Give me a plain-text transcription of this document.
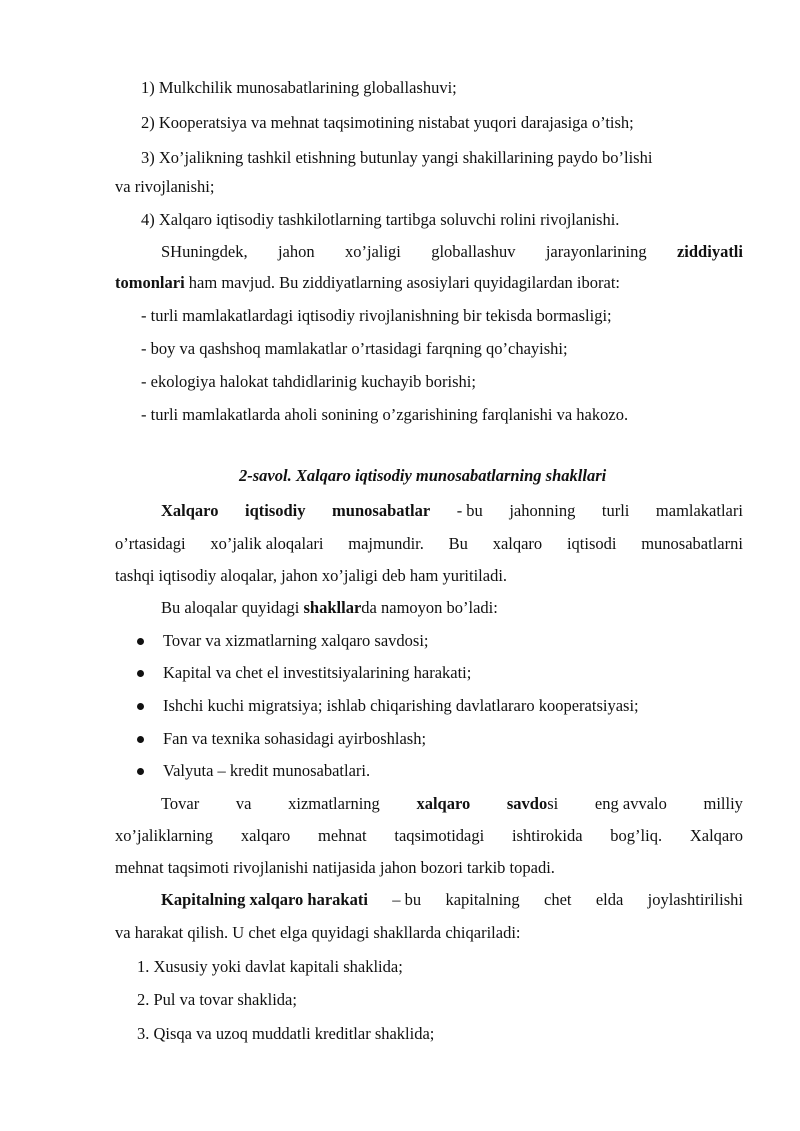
1) Mulkchilik munosabatlarining globallashuvi;
2) Kooperatsiya va mehnat taqsimotining nistabat yuqori darajasiga o’tish;
3) Xo’jalikning tashkil etishning butunlay yangi shakillarining paydo bo’lishi
va rivojlanishi;
4) Xalqaro iqtisodiy tashkilotlarning tartibga soluvchi rolini rivojlanishi.
SHuningdek, jahon xo’jaligi globallashuv jarayonlarining ziddiyatli
tomonlari ham mavjud. Bu ziddiyatlarning asosiylari quyidagilardan iborat:
- turli mamlakatlardagi iqtisodiy rivojlanishning bir tekisda bormasligi;
- boy va qashshoq mamlakatlar o’rtasidagi farqning qo’chayishi;
- ekologiya halokat tahdidlarinig kuchayib borishi;
- turli mamlakatlarda aholi sonining o’zgarishining farqlanishi va hakozo.
2-savol. Xalqaro iqtisodiy munosabatlarning shakllari
Xalqaro iqtisodiy munosabatlar - bu jahonning turli mamlakatlari
o’rtasidagi xo’jalik aloqalari majmundir. Bu xalqaro iqtisodi munosabatlarni
tashqi iqtisodiy aloqalar, jahon xo’jaligi deb ham yuritiladi.
Bu aloqalar quyidagi shakllarda namoyon bo’ladi:
Tovar va xizmatlarning xalqaro savdosi;
Kapital va chet el investitsiyalarining harakati;
Ishchi kuchi migratsiya; ishlab chiqarishing davlatlararo kooperatsiyasi;
Fan va texnika sohasidagi ayirboshlash;
Valyuta – kredit munosabatlari.
Tovar va xizmatlarning xalqaro savdosi eng avvalo milliy
xo’jaliklarning xalqaro mehnat taqsimotidagi ishtirokida bog’liq. Xalqaro
mehnat taqsimoti rivojlanishi natijasida jahon bozori tarkib topadi.
Kapitalning xalqaro harakati – bu kapitalning chet elda joylashtirilishi
va harakat qilish. U chet elga quyidagi shakllarda chiqariladi:
1. Xususiy yoki davlat kapitali shaklida;
2. Pul va tovar shaklida;
3. Qisqa va uzoq muddatli kreditlar shaklida;
